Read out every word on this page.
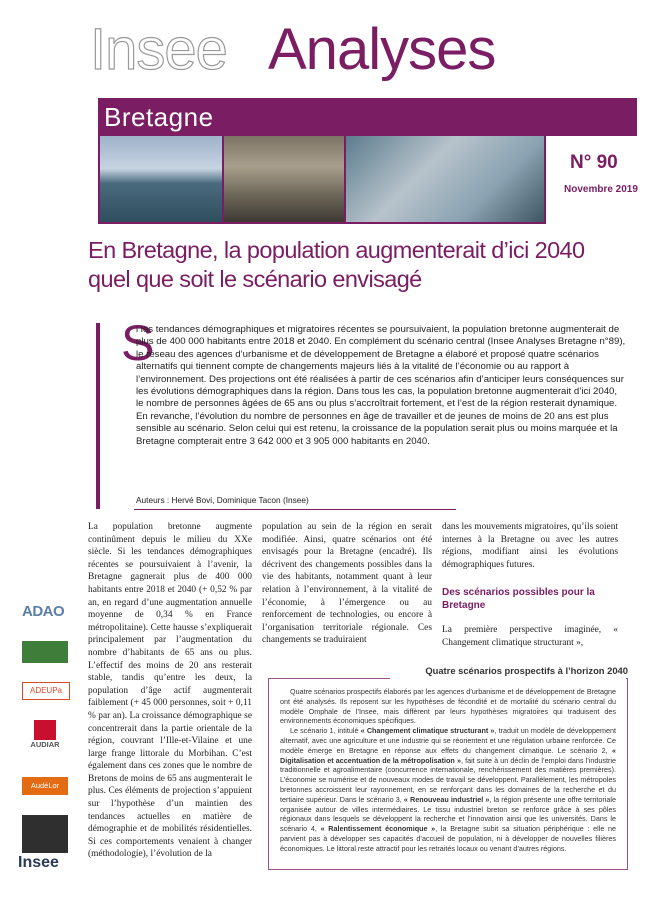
Insee Analyses
Bretagne
N° 90
Novembre 2019
En Bretagne, la population augmenterait d’ici 2040 quel que soit le scénario envisagé
S
i les tendances démographiques et migratoires récentes se poursuivaient, la population bretonne augmenterait de plus de 400 000 habitants entre 2018 et 2040. En complément du scénario central (Insee Analyses Bretagne n°89), le réseau des agences d’urbanisme et de développement de Bretagne a élaboré et proposé quatre scénarios alternatifs qui tiennent compte de changements majeurs liés à la vitalité de l’économie ou au rapport à l’environnement. Des projections ont été réalisées à partir de ces scénarios afin d’anticiper leurs conséquences sur les évolutions démographiques dans la région. Dans tous les cas, la population bretonne augmenterait d’ici 2040, le nombre de personnes âgées de 65 ans ou plus s’accroîtrait fortement, et l’est de la région resterait dynamique. En revanche, l’évolution du nombre de personnes en âge de travailler et de jeunes de moins de 20 ans est plus sensible au scénario. Selon celui qui est retenu, la croissance de la population serait plus ou moins marquée et la Bretagne compterait entre 3 642 000 et 3 905 000 habitants en 2040.
Auteurs : Hervé Bovi, Dominique Tacon (Insee)
ADAO
ADEUPa
AUDIAR
AudéLor
Insee

La population bretonne augmente continûment depuis le milieu du XXe siècle. Si les tendances démographiques récentes se poursuivaient à l’avenir, la Bretagne gagnerait plus de 400 000 habitants entre 2018 et 2040 (+ 0,52 % par an, en regard d’une augmentation annuelle moyenne de 0,34 % en France métropolitaine). Cette hausse s’expliquerait principalement par l’augmentation du nombre d’habitants de 65 ans ou plus. L’effectif des moins de 20 ans resterait stable, tandis qu’entre les deux, la population d’âge actif augmenterait faiblement (+ 45 000 personnes, soit + 0,11 % par an). La croissance démographique se concentrerait dans la partie orientale de la région, couvrant l’Ille-et-Vilaine et une large frange littorale du Morbihan. C’est également dans ces zones que le nombre de Bretons de moins de 65 ans augmenterait le plus. Ces éléments de projection s’appuient sur l’hypothèse d’un maintien des tendances actuelles en matière de démographie et de mobilités résidentielles. Si ces comportements venaient à changer (méthodologie), l’évolution de la

population au sein de la région en serait modifiée. Ainsi, quatre scénarios ont été envisagés pour la Bretagne (encadré). Ils décrivent des changements possibles dans la vie des habitants, notamment quant à leur relation à l’environnement, à la vitalité de l’économie, à l’émergence ou au renforcement de technologies, ou encore à l’organisation territoriale régionale. Ces changements se traduiraient

dans les mouvements migratoires, qu’ils soient internes à la Bretagne ou avec les autres régions, modifiant ainsi les évolutions démographiques futures.

Des scénarios possibles pour la Bretagne

La première perspective imaginée, « Changement climatique structurant »,

Quatre scénarios prospectifs à l’horizon 2040

Quatre scénarios prospectifs élaborés par les agences d’urbanisme et de développement de Bretagne ont été analysés. Ils reposent sur les hypothèses de fécondité et de mortalité du scénario central du modèle Omphale de l’Insee, mais diffèrent par leurs hypothèses migratoires qui traduisent des environnements économiques spécifiques.

Le scénario 1, intitulé « Changement climatique structurant », traduit un modèle de développement alternatif, avec une agriculture et une industrie qui se réorientent et une régulation urbaine renforcée. Ce modèle émerge en Bretagne en réponse aux effets du changement climatique. Le scénario 2, « Digitalisation et accentuation de la métropolisation », fait suite à un déclin de l’emploi dans l’industrie traditionnelle et agroalimentaire (concurrence internationale, renchérissement des matières premières). L’économie se numérise et de nouveaux modes de travail se développent. Parallèlement, les métropoles bretonnes accroissent leur rayonnement, en se renforçant dans les domaines de la recherche et du tertiaire supérieur. Dans le scénario 3, « Renouveau industriel », la région présente une offre territoriale organisée autour de villes intermédiaires. Le tissu industriel breton se renforce grâce à ses pôles régionaux dans lesquels se développent la recherche et l’innovation ainsi que les universités. Dans le scénario 4, « Ralentissement économique », la Bretagne subit sa situation périphérique : elle ne parvient pas à développer ses capacités d’accueil de population, ni à développer de nouvelles filières économiques. Le littoral reste attractif pour les retraités locaux ou venant d’autres régions.
